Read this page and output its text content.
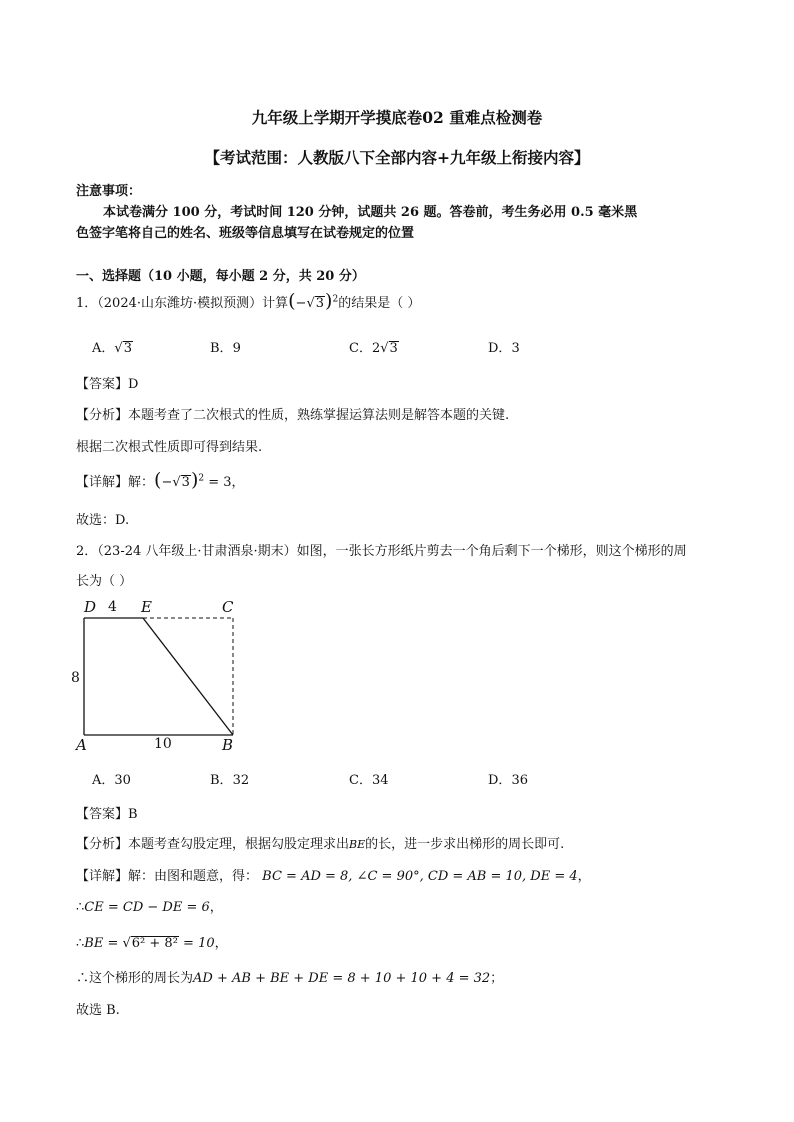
九年级上学期开学摸底卷02 重难点检测卷
【考试范围：人教版八下全部内容+九年级上衔接内容】
注意事项：
本试卷满分 100 分，考试时间 120 分钟，试题共 26 题。答卷前，考生务必用 0.5 毫米黑
色签字笔将自己的姓名、班级等信息填写在试卷规定的位置
一、选择题（10 小题，每小题 2 分，共 20 分）
1．（2024·山东潍坊·模拟预测）计算$(-√3)^2$的结果是（ ）
A．√3	B．9	C．2√3	D．3
【答案】D
【分析】本题考查了二次根式的性质，熟练掌握运算法则是解答本题的关键.
根据二次根式性质即可得到结果.
【详解】解：$(-√3)^2 = 3$，
故选：D.
2．（23-24 八年级上·甘肃酒泉·期末）如图，一张长方形纸片剪去一个角后剩下一个梯形，则这个梯形的周
长为（ ）
D 4 E	C
8
A	10	B
A．30	B．32	C．34	D．36
【答案】B
【分析】本题考查勾股定理，根据勾股定理求出BE的长，进一步求出梯形的周长即可.
【详解】解：由图和题意，得： BC = AD = 8, ∠C = 90°, CD = AB = 10, DE = 4，
∴CE = CD − DE = 6，
∴BE = √6² + 8² = 10，
∴这个梯形的周长为AD + AB + BE + DE = 8 + 10 + 10 + 4 = 32；
故选 B.
